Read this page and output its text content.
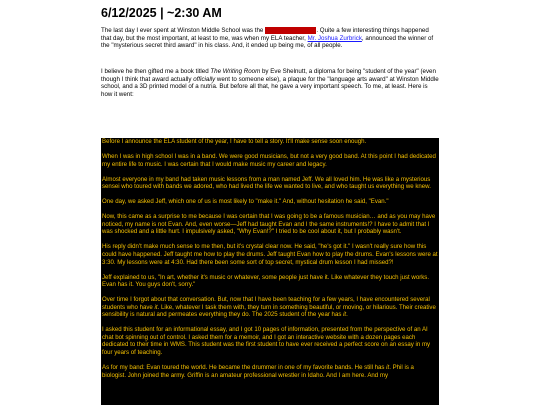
6/12/2025 | ~2:30 AM

The last day I ever spent at Winston Middle School was the tenth of June 2025. Quite a few interesting things happened that day, but the most important, at least to me, was when my ELA teacher, Mr. Joshua Zurbrick, announced the winner of the "mysterious secret third award" in his class. And, it ended up being me, of all people.

I believe he then gifted me a book titled The Writing Room by Eve Shelnutt, a diploma for being "student of the year" (even though I think that award actually officially went to someone else), a plaque for the "language arts award" at Winston Middle school, and a 3D printed model of a nutria. But before all that, he gave a very important speech. To me, at least. Here is how it went:

Before I announce the ELA student of the year, I have to tell a story. It'll make sense soon enough.

When I was in high school I was in a band. We were good musicians, but not a very good band. At this point I had dedicated my entire life to music. I was certain that I would make music my career and legacy.

Almost everyone in my band had taken music lessons from a man named Jeff. We all loved him. He was like a mysterious sensei who toured with bands we adored, who had lived the life we wanted to live, and who taught us everything we knew.

One day, we asked Jeff, which one of us is most likely to "make it." And, without hesitation he said, "Evan."

Now, this came as a surprise to me because I was certain that I was going to be a famous musician… and as you may have noticed, my name is not Evan. And, even worse—Jeff had taught Evan and I the same instruments!? I have to admit that I was shocked and a little hurt. I impulsively asked, "Why Evan!?" I tried to be cool about it, but I probably wasn't.

His reply didn't make much sense to me then, but it's crystal clear now. He said, "he's got it." I wasn't really sure how this could have happened. Jeff taught me how to play the drums. Jeff taught Evan how to play the drums. Evan's lessons were at 3:30. My lessons were at 4:30. Had there been some sort of top secret, mystical drum lesson I had missed?!

Jeff explained to us, "In art, whether it's music or whatever, some people just have it. Like whatever they touch just works. Evan has it. You guys don't, sorry."

Over time I forgot about that conversation. But, now that I have been teaching for a few years, I have encountered several students who have it. Like, whatever I task them with, they turn in something beautiful, or moving, or hilarious. Their creative sensibility is natural and permeates everything they do. The 2025 student of the year has it.

I asked this student for an informational essay, and I got 10 pages of information, presented from the perspective of an AI chat bot spinning out of control. I asked them for a memoir, and I got an interactive website with a dozen pages each dedicated to their time in WMS. This student was the first student to have ever received a perfect score on an essay in my four years of teaching.

As for my band: Evan toured the world. He became the drummer in one of my favorite bands. He still has it. Phil is a biologist. John joined the army. Griffin is an amateur professional wrestler in Idaho. And I am here. And my
